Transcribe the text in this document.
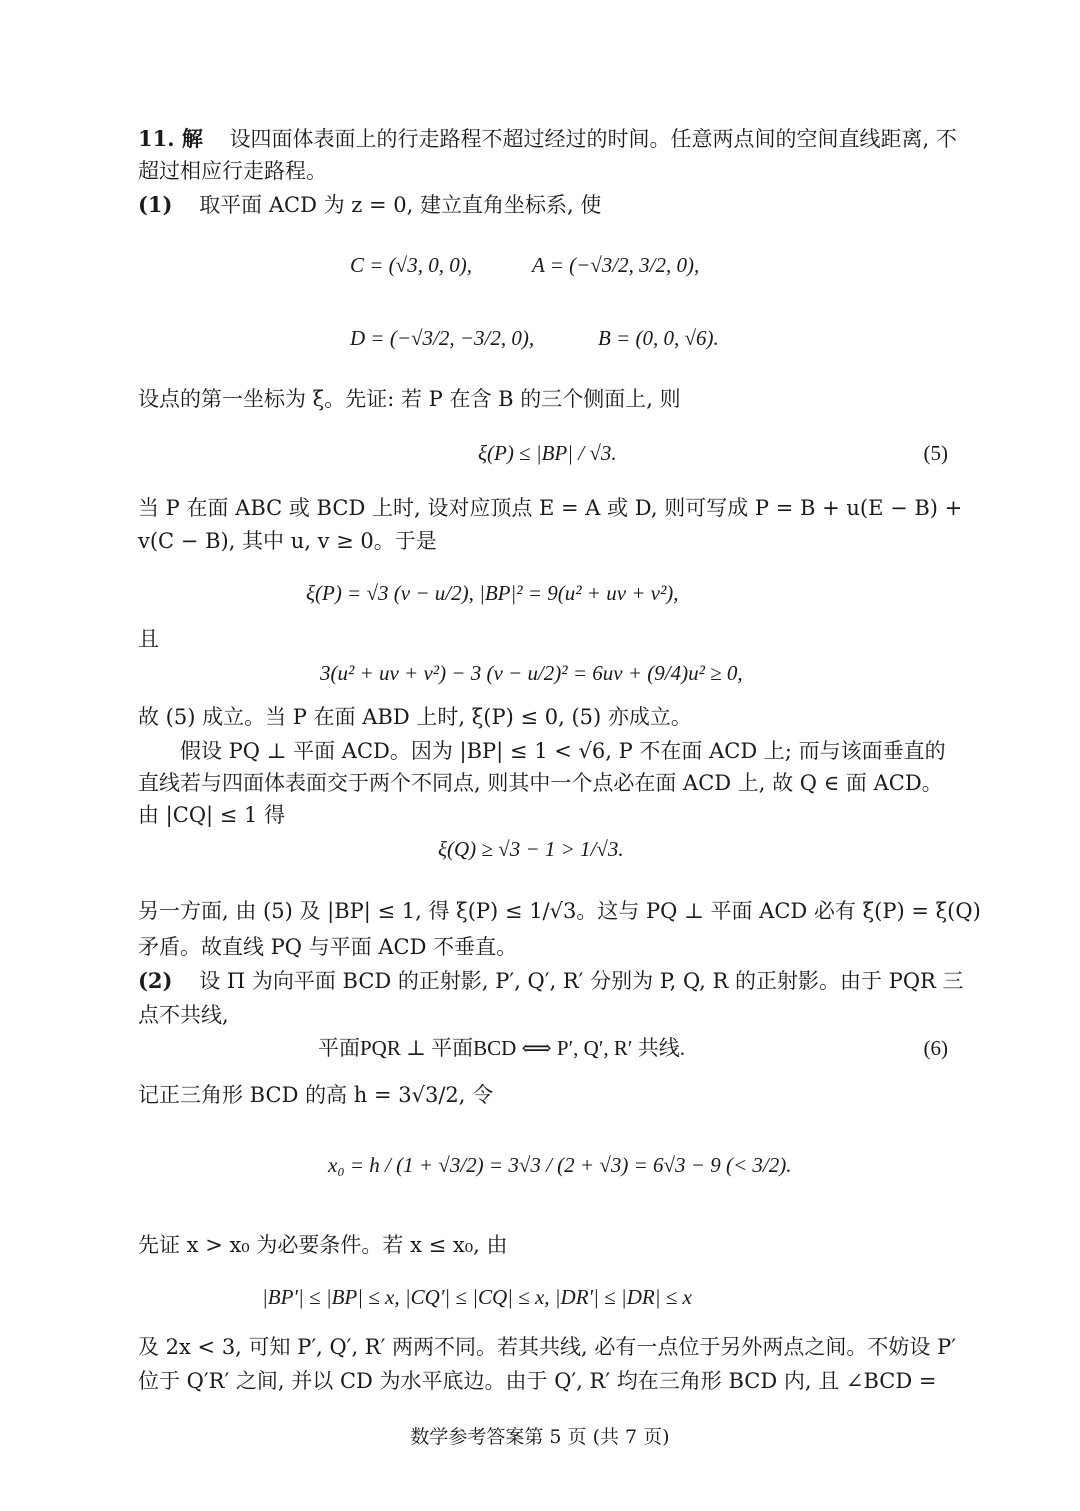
11. 解 设四面体表面上的行走路程不超过经过的时间。任意两点间的空间直线距离, 不
超过相应行走路程。
(1) 取平面 ACD 为 z = 0, 建立直角坐标系, 使
C = (√3, 0, 0),	A = (−√3/2, 3/2, 0),
D = (−√3/2, −3/2, 0),	B = (0, 0, √6).
设点的第一坐标为 ξ。先证: 若 P 在含 B 的三个侧面上, 则
ξ(P) ≤ |BP| / √3.	(5)
当 P 在面 ABC 或 BCD 上时, 设对应顶点 E = A 或 D, 则可写成 P = B + u(E − B) +
v(C − B), 其中 u, v ≥ 0。于是
ξ(P) = √3 (v − u/2), |BP|² = 9(u² + uv + v²),
且
3(u² + uv + v²) − 3 (v − u/2)² = 6uv + (9/4)u² ≥ 0,
故 (5) 成立。当 P 在面 ABD 上时, ξ(P) ≤ 0, (5) 亦成立。
假设 PQ ⊥ 平面 ACD。因为 |BP| ≤ 1 < √6, P 不在面 ACD 上; 而与该面垂直的
直线若与四面体表面交于两个不同点, 则其中一个点必在面 ACD 上, 故 Q ∈ 面 ACD。
由 |CQ| ≤ 1 得
ξ(Q) ≥ √3 − 1 > 1/√3.
另一方面, 由 (5) 及 |BP| ≤ 1, 得 ξ(P) ≤ 1/√3。这与 PQ ⊥ 平面 ACD 必有 ξ(P) = ξ(Q)
矛盾。故直线 PQ 与平面 ACD 不垂直。
(2) 设 Π 为向平面 BCD 的正射影, P′, Q′, R′ 分别为 P, Q, R 的正射影。由于 PQR 三
点不共线,
平面PQR ⊥ 平面BCD ⟺ P′, Q′, R′ 共线.	(6)
记正三角形 BCD 的高 h = 3√3/2, 令
x₀ = h / (1 + √3/2) = 3√3 / (2 + √3) = 6√3 − 9 (< 3/2).
先证 x > x₀ 为必要条件。若 x ≤ x₀, 由
|BP′| ≤ |BP| ≤ x, |CQ′| ≤ |CQ| ≤ x, |DR′| ≤ |DR| ≤ x
及 2x < 3, 可知 P′, Q′, R′ 两两不同。若其共线, 必有一点位于另外两点之间。不妨设 P′
位于 Q′R′ 之间, 并以 CD 为水平底边。由于 Q′, R′ 均在三角形 BCD 内, 且 ∠BCD =
数学参考答案第 5 页 (共 7 页)
